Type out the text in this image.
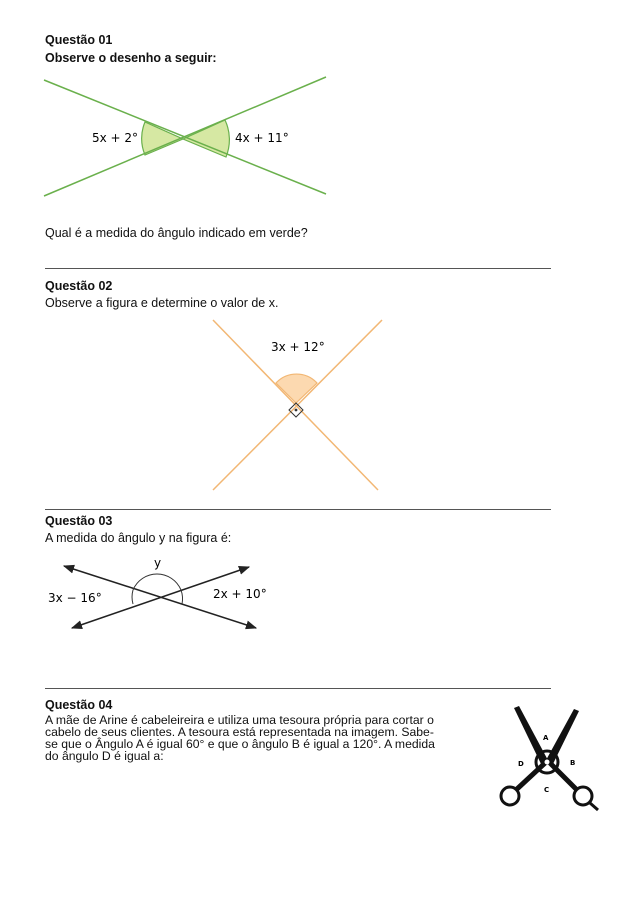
Questão 01
Observe o desenho a seguir:
5x + 2°	4x + 11°
Qual é a medida do ângulo indicado em verde?
Questão 02
Observe a figura e determine o valor de x.
3x + 12°
Questão 03
A medida do ângulo y na figura é:
y
3x − 16°	2x + 10°
Questão 04
A mãe de Arine é cabeleireira e utiliza uma tesoura própria para cortar o
cabelo de seus clientes. A tesoura está representada na imagem. Sabe-
se que o Ângulo A é igual 60° e que o ângulo B é igual a 120°. A medida
do ângulo D é igual a:
A
D	B
C
